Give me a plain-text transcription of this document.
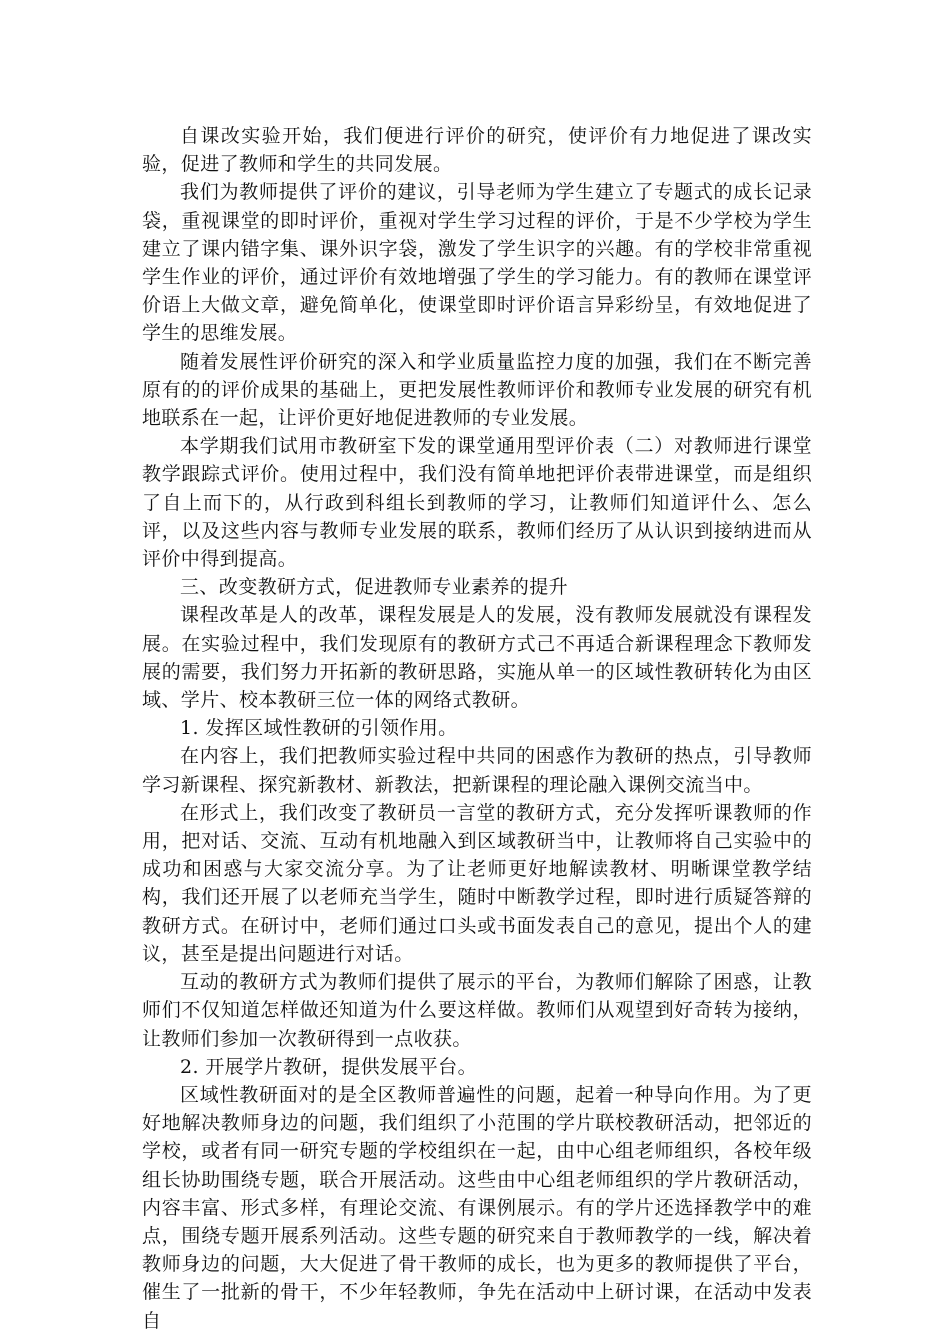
自课改实验开始，我们便进行评价的研究，使评价有力地促进了课改实验，促进了教师和学生的共同发展。

我们为教师提供了评价的建议，引导老师为学生建立了专题式的成长记录袋，重视课堂的即时评价，重视对学生学习过程的评价，于是不少学校为学生建立了课内错字集、课外识字袋，激发了学生识字的兴趣。有的学校非常重视学生作业的评价，通过评价有效地增强了学生的学习能力。有的教师在课堂评价语上大做文章，避免简单化，使课堂即时评价语言异彩纷呈，有效地促进了学生的思维发展。

随着发展性评价研究的深入和学业质量监控力度的加强，我们在不断完善原有的的评价成果的基础上，更把发展性教师评价和教师专业发展的研究有机地联系在一起，让评价更好地促进教师的专业发展。

本学期我们试用市教研室下发的课堂通用型评价表（二）对教师进行课堂教学跟踪式评价。使用过程中，我们没有简单地把评价表带进课堂，而是组织了自上而下的，从行政到科组长到教师的学习，让教师们知道评什么、怎么评，以及这些内容与教师专业发展的联系，教师们经历了从认识到接纳进而从评价中得到提高。

三、改变教研方式，促进教师专业素养的提升

课程改革是人的改革，课程发展是人的发展，没有教师发展就没有课程发展。在实验过程中，我们发现原有的教研方式己不再适合新课程理念下教师发展的需要，我们努力开拓新的教研思路，实施从单一的区域性教研转化为由区域、学片、校本教研三位一体的网络式教研。

1. 发挥区域性教研的引领作用。

在内容上，我们把教师实验过程中共同的困惑作为教研的热点，引导教师学习新课程、探究新教材、新教法，把新课程的理论融入课例交流当中。

在形式上，我们改变了教研员一言堂的教研方式，充分发挥听课教师的作用，把对话、交流、互动有机地融入到区域教研当中，让教师将自己实验中的成功和困惑与大家交流分享。为了让老师更好地解读教材、明晰课堂教学结构，我们还开展了以老师充当学生，随时中断教学过程，即时进行质疑答辩的教研方式。在研讨中，老师们通过口头或书面发表自己的意见，提出个人的建议，甚至是提出问题进行对话。

互动的教研方式为教师们提供了展示的平台，为教师们解除了困惑，让教师们不仅知道怎样做还知道为什么要这样做。教师们从观望到好奇转为接纳，让教师们参加一次教研得到一点收获。

2. 开展学片教研，提供发展平台。

区域性教研面对的是全区教师普遍性的问题，起着一种导向作用。为了更好地解决教师身边的问题，我们组织了小范围的学片联校教研活动，把邻近的学校，或者有同一研究专题的学校组织在一起，由中心组老师组织，各校年级组长协助围绕专题，联合开展活动。这些由中心组老师组织的学片教研活动，内容丰富、形式多样，有理论交流、有课例展示。有的学片还选择教学中的难点，围绕专题开展系列活动。这些专题的研究来自于教师教学的一线，解决着教师身边的问题，大大促进了骨干教师的成长，也为更多的教师提供了平台，催生了一批新的骨干，不少年轻教师，争先在活动中上研讨课，在活动中发表自
